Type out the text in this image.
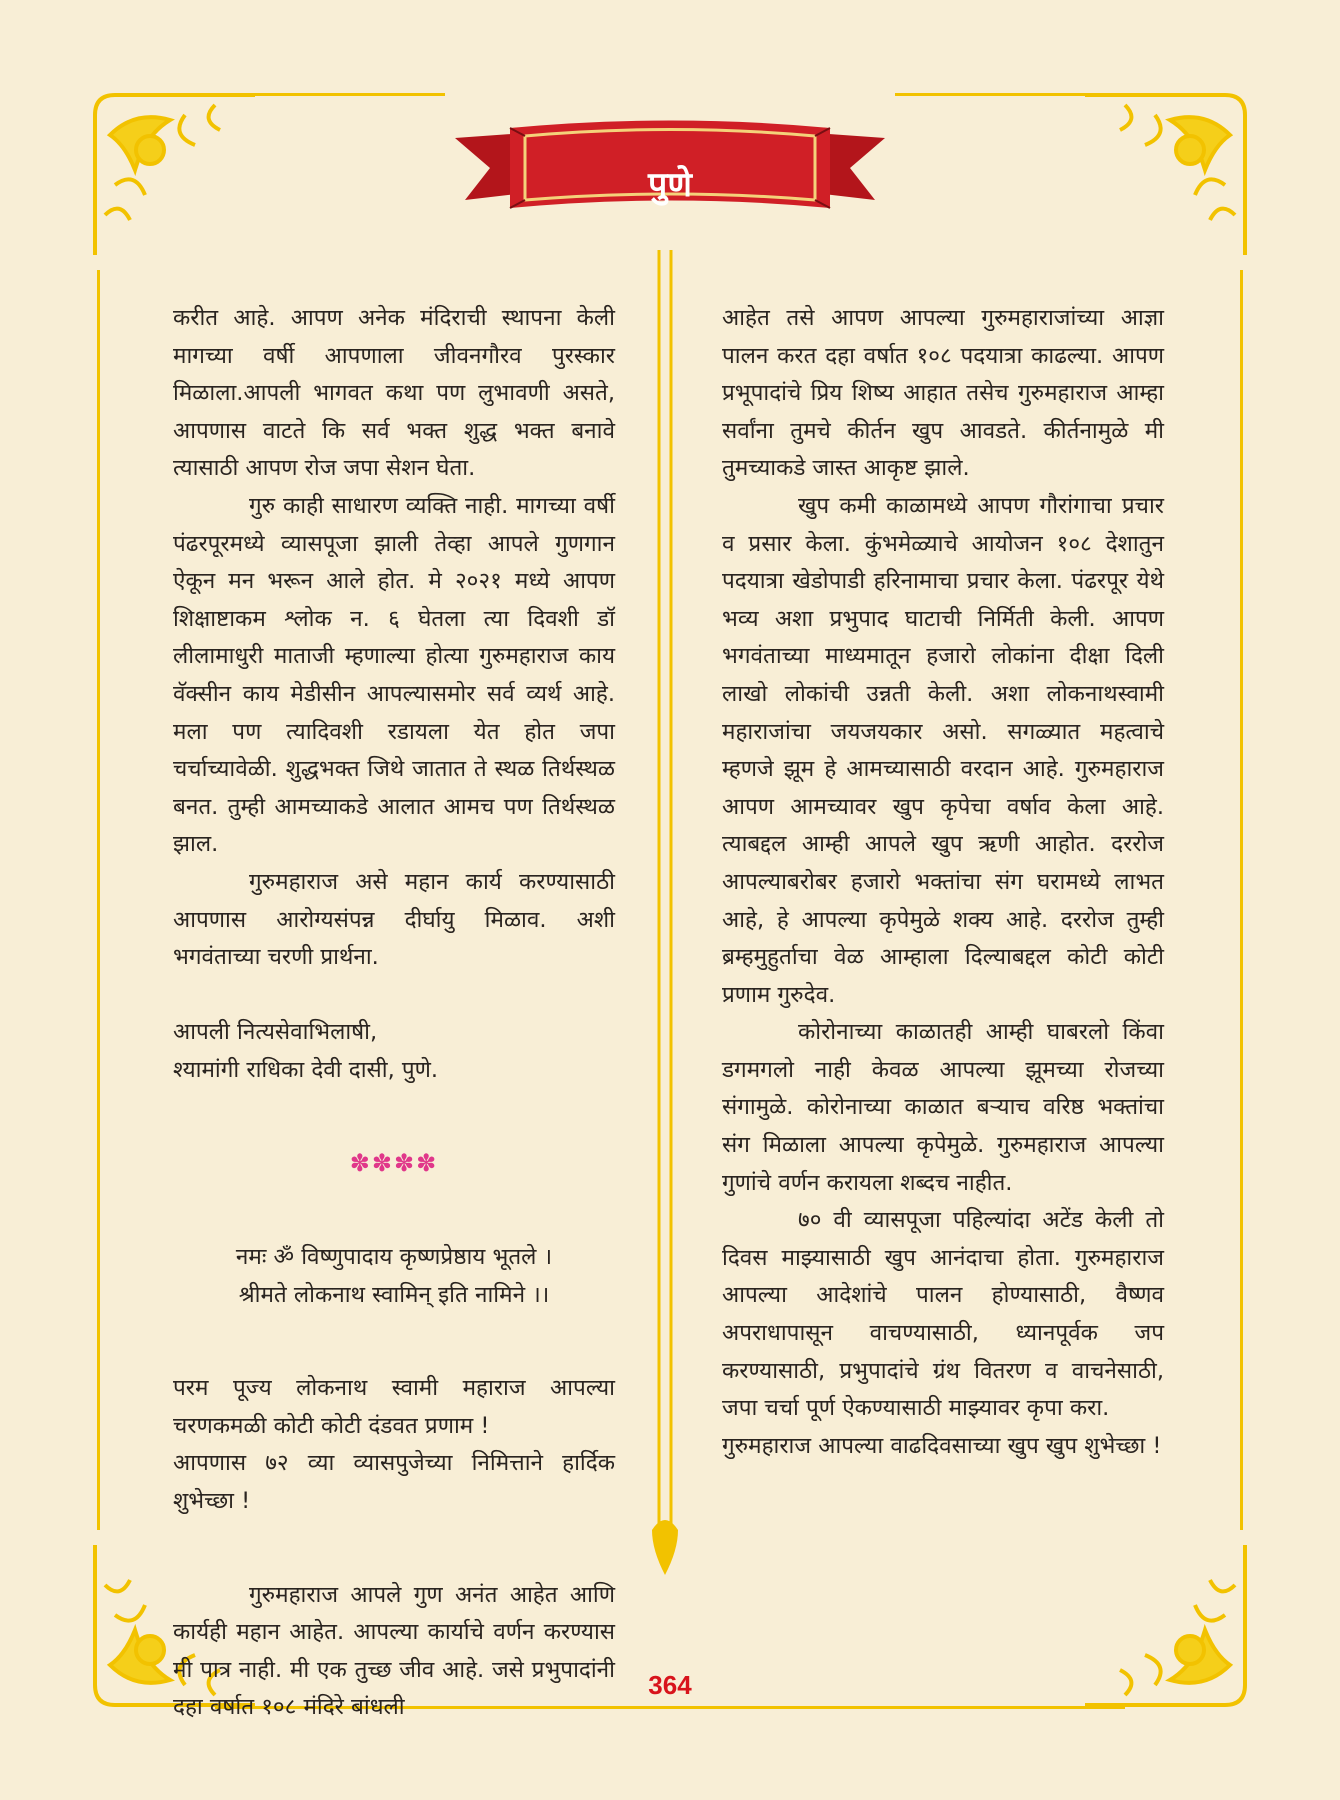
पुणे

करीत आहे. आपण अनेक मंदिराची स्थापना केली मागच्या वर्षी आपणाला जीवनगौरव पुरस्कार मिळाला.आपली भागवत कथा पण लुभावणी असते, आपणास वाटते कि सर्व भक्त शुद्ध भक्त बनावे त्यासाठी आपण रोज जपा सेशन घेता.

गुरु काही साधारण व्यक्ति नाही. मागच्या वर्षी पंढरपूरमध्ये व्यासपूजा झाली तेव्हा आपले गुणगान ऐकून मन भरून आले होत. मे २०२१ मध्ये आपण शिक्षाष्टाकम श्लोक न. ६ घेतला त्या दिवशी डॉ लीलामाधुरी माताजी म्हणाल्या होत्या गुरुमहाराज काय वॅक्सीन काय मेडीसीन आपल्यासमोर सर्व व्यर्थ आहे. मला पण त्यादिवशी रडायला येत होत जपा चर्चाच्यावेळी. शुद्धभक्त जिथे जातात ते स्थळ तिर्थस्थळ बनत. तुम्ही आमच्याकडे आलात आमच पण तिर्थस्थळ झाल.

गुरुमहाराज असे महान कार्य करण्यासाठी आपणास आरोग्यसंपन्न दीर्घायु मिळाव. अशी भगवंताच्या चरणी प्रार्थना.

आपली नित्यसेवाभिलाषी,

श्यामांगी राधिका देवी दासी, पुणे.

✽✽✽✽
नमः ॐ विष्णुपादाय कृष्णप्रेष्ठाय भूतले ।
श्रीमते लोकनाथ स्वामिन् इति नामिने ।।

परम पूज्य लोकनाथ स्वामी महाराज आपल्या चरणकमळी कोटी कोटी दंडवत प्रणाम !

आपणास ७२ व्या व्यासपुजेच्या निमित्ताने हार्दिक शुभेच्छा !

गुरुमहाराज आपले गुण अनंत आहेत आणि कार्यही महान आहेत. आपल्या कार्याचे वर्णन करण्यास मी पात्र नाही. मी एक तुच्छ जीव आहे. जसे प्रभुपादांनी दहा वर्षात १०८ मंदिरे बांधली

आहेत तसे आपण आपल्या गुरुमहाराजांच्या आज्ञा पालन करत दहा वर्षात १०८ पदयात्रा काढल्या. आपण प्रभूपादांचे प्रिय शिष्य आहात तसेच गुरुमहाराज आम्हा सर्वांना तुमचे कीर्तन खुप आवडते. कीर्तनामुळे मी तुमच्याकडे जास्त आकृष्ट झाले.

खुप कमी काळामध्ये आपण गौरांगाचा प्रचार व प्रसार केला. कुंभमेळ्याचे आयोजन १०८ देशातुन पदयात्रा खेडोपाडी हरिनामाचा प्रचार केला. पंढरपूर येथे भव्य अशा प्रभुपाद घाटाची निर्मिती केली. आपण भगवंताच्या माध्यमातून हजारो लोकांना दीक्षा दिली लाखो लोकांची उन्नती केली. अशा लोकनाथस्वामी महाराजांचा जयजयकार असो. सगळ्यात महत्वाचे म्हणजे झूम हे आमच्यासाठी वरदान आहे. गुरुमहाराज आपण आमच्यावर खुप कृपेचा वर्षाव केला आहे. त्याबद्दल आम्ही आपले खुप ऋणी आहोत. दररोज आपल्याबरोबर हजारो भक्तांचा संग घरामध्ये लाभत आहे, हे आपल्या कृपेमुळे शक्य आहे. दररोज तुम्ही ब्रम्हमुहुर्ताचा वेळ आम्हाला दिल्याबद्दल कोटी कोटी प्रणाम गुरुदेव.

कोरोनाच्या काळातही आम्ही घाबरलो किंवा डगमगलो नाही केवळ आपल्या झूमच्या रोजच्या संगामुळे. कोरोनाच्या काळात बऱ्याच वरिष्ठ भक्तांचा संग मिळाला आपल्या कृपेमुळे. गुरुमहाराज आपल्या गुणांचे वर्णन करायला शब्दच नाहीत.

७० वी व्यासपूजा पहिल्यांदा अटेंड केली तो दिवस माझ्यासाठी खुप आनंदाचा होता. गुरुमहाराज आपल्या आदेशांचे पालन होण्यासाठी, वैष्णव अपराधापासून वाचण्यासाठी, ध्यानपूर्वक जप करण्यासाठी, प्रभुपादांचे ग्रंथ वितरण व वाचनेसाठी, जपा चर्चा पूर्ण ऐकण्यासाठी माझ्यावर कृपा करा.

गुरुमहाराज आपल्या वाढदिवसाच्या खुप खुप शुभेच्छा !

364
